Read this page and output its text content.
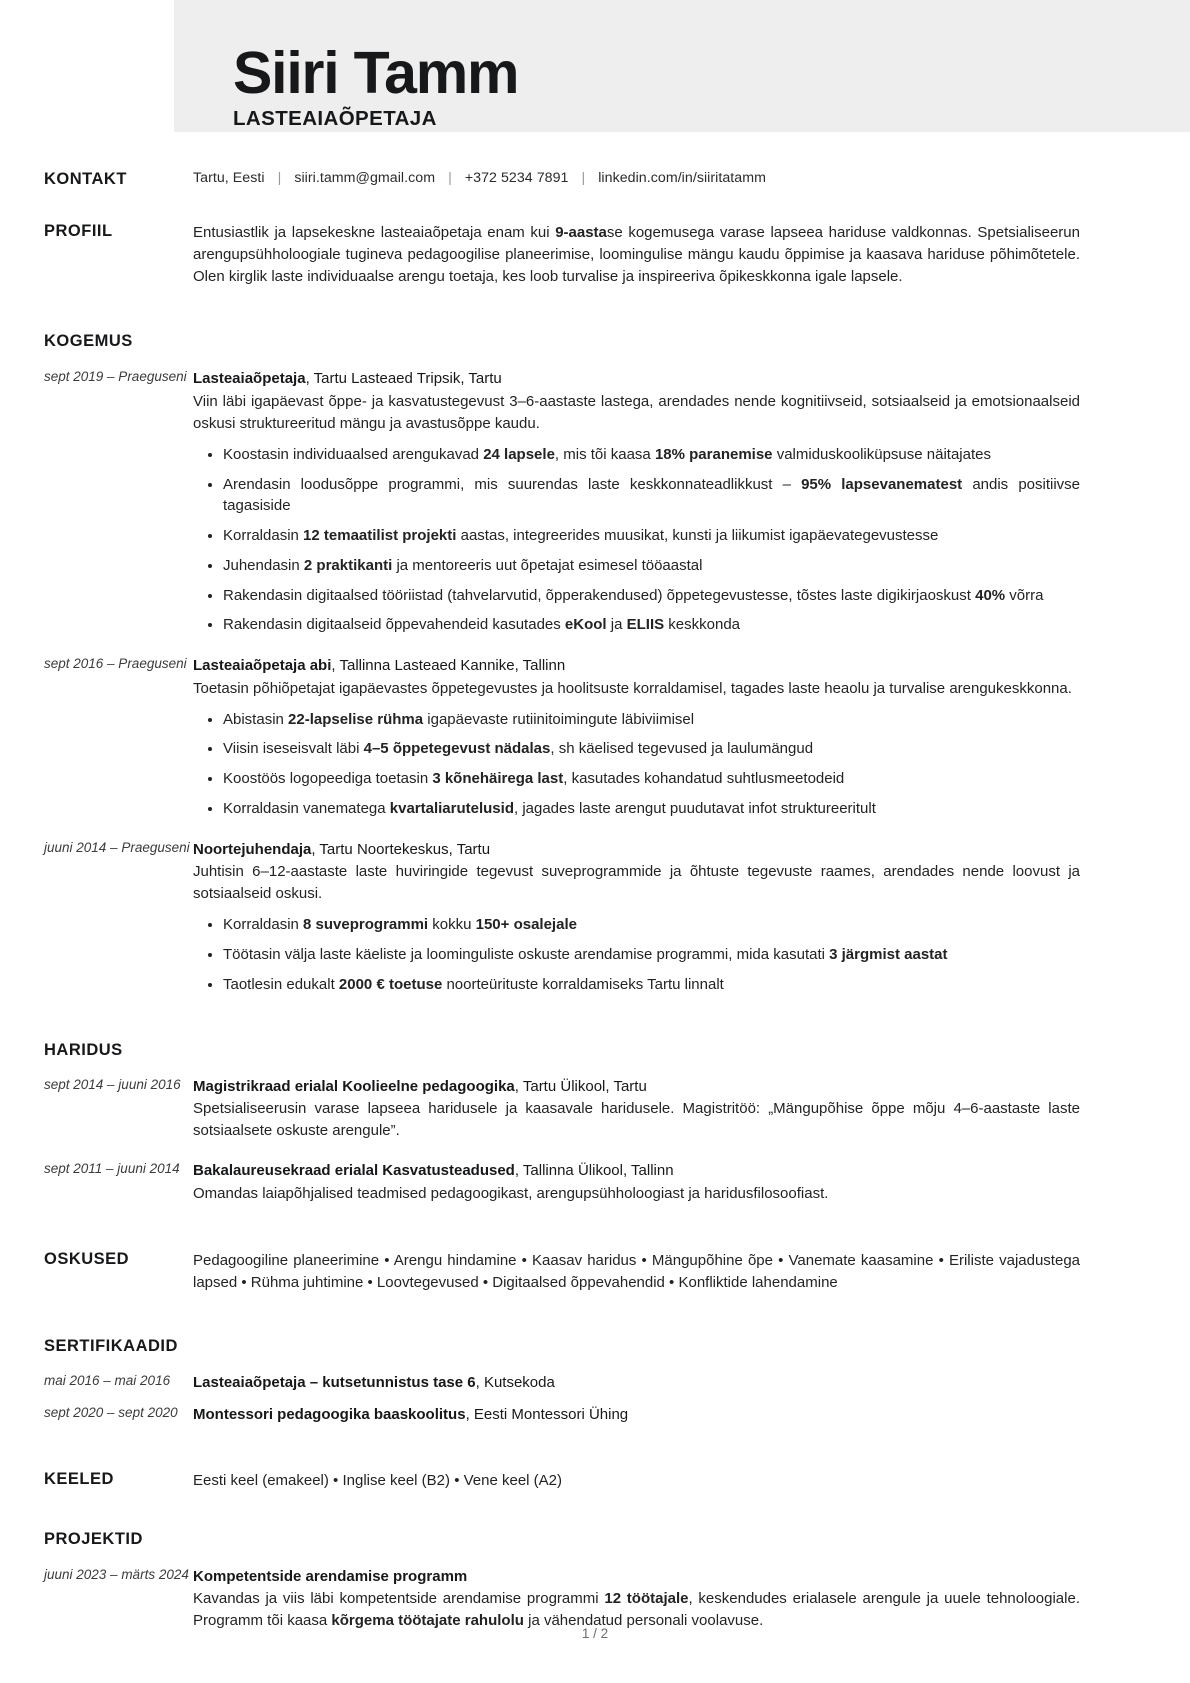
Siiri Tamm
LASTEAIAÕPETAJA
KONTAKT	Tartu, Eesti | siiri.tamm@gmail.com | +372 5234 7891 | linkedin.com/in/siiritatamm
PROFIIL	Entusiastlik ja lapsekeskne lasteaiaõpetaja enam kui 9-aastase kogemusega varase lapseea hariduse valdkonnas. Spetsialiseerun arengupsühholoogiale tugineva pedagoogilise planeerimise, loomingulise mängu kaudu õppimise ja kaasava hariduse põhimõtetele. Olen kirglik laste individuaalse arengu toetaja, kes loob turvalise ja inspireeriva õpikeskkonna igale lapsele.

KOGEMUS
sept 2019 – Praeguseni Lasteaiaõpetaja, Tartu Lasteaed Tripsik, Tartu

Viin läbi igapäevast õppe- ja kasvatustegevust 3–6-aastaste lastega, arendades nende kognitiivseid, sotsiaalseid ja emotsionaalseid oskusi struktureeritud mängu ja avastusõppe kaudu.

Koostasin individuaalsed arengukavad 24 lapsele, mis tõi kaasa 18% paranemise valmiduskooliküpsuse näitajates
Arendasin loodusõppe programmi, mis suurendas laste keskkonnateadlikkust – 95% lapsevanematest andis positiivse tagasiside
Korraldasin 12 temaatilist projekti aastas, integreerides muusikat, kunsti ja liikumist igapäevategevustesse
Juhendasin 2 praktikanti ja mentoreeris uut õpetajat esimesel tööaastal
Rakendasin digitaalsed tööriistad (tahvelarvutid, õpperakendused) õppetegevustesse, tõstes laste digikirjaoskust 40% võrra
Rakendasin digitaalseid õppevahendeid kasutades eKool ja ELIIS keskkonda
sept 2016 – Praeguseni Lasteaiaõpetaja abi, Tallinna Lasteaed Kannike, Tallinn

Toetasin põhiõpetajat igapäevastes õppetegevustes ja hoolitsuste korraldamisel, tagades laste heaolu ja turvalise arengukeskkonna.

Abistasin 22-lapselise rühma igapäevaste rutiinitoimingute läbiviimisel
Viisin iseseisvalt läbi 4–5 õppetegevust nädalas, sh käelised tegevused ja laulumängud
Koostöös logopeediga toetasin 3 kõnehäirega last, kasutades kohandatud suhtlusmeetodeid
Korraldasin vanematega kvartaliarutelusid, jagades laste arengut puudutavat infot struktureeritult
juuni 2014 – Praeguseni Noortejuhendaja, Tartu Noortekeskus, Tartu

Juhtisin 6–12-aastaste laste huviringide tegevust suveprogrammide ja õhtuste tegevuste raames, arendades nende loovust ja sotsiaalseid oskusi.

Korraldasin 8 suveprogrammi kokku 150+ osalejale
Töötasin välja laste käeliste ja loominguliste oskuste arendamise programmi, mida kasutati 3 järgmist aastat
Taotlesin edukalt 2000 € toetuse noorteürituste korraldamiseks Tartu linnalt
HARIDUS
sept 2014 – juuni 2016 Magistrikraad erialal Koolieelne pedagoogika, Tartu Ülikool, Tartu

Spetsialiseerusin varase lapseea haridusele ja kaasavale haridusele. Magistritöö: „Mängupõhise õppe mõju 4–6-aastaste laste sotsiaalsete oskuste arengule”.

sept 2011 – juuni 2014 Bakalaureusekraad erialal Kasvatusteadused, Tallinna Ülikool, Tallinn

Omandas laiapõhjalised teadmised pedagoogikast, arengupsühholoogiast ja haridusfilosoofiast.

OSKUSED	Pedagoogiline planeerimine • Arengu hindamine • Kaasav haridus • Mängupõhine õpe • Vanemate kaasamine • Eriliste vajadustega lapsed • Rühma juhtimine • Loovtegevused • Digitaalsed õppevahendid • Konfliktide lahendamine

SERTIFIKAADID
mai 2016 – mai 2016	Lasteaiaõpetaja – kutsetunnistus tase 6, Kutsekoda
sept 2020 – sept 2020	Montessori pedagoogika baaskoolitus, Eesti Montessori Ühing
KEELED	Eesti keel (emakeel) • Inglise keel (B2) • Vene keel (A2)

PROJEKTID
juuni 2023 – märts 2024 Kompetentside arendamise programm

Kavandas ja viis läbi kompetentside arendamise programmi 12 töötajale, keskendudes erialasele arengule ja uuele tehnoloogiale. Programm tõi kaasa kõrgema töötajate rahulolu ja vähendatud personali voolavuse.

1 / 2
